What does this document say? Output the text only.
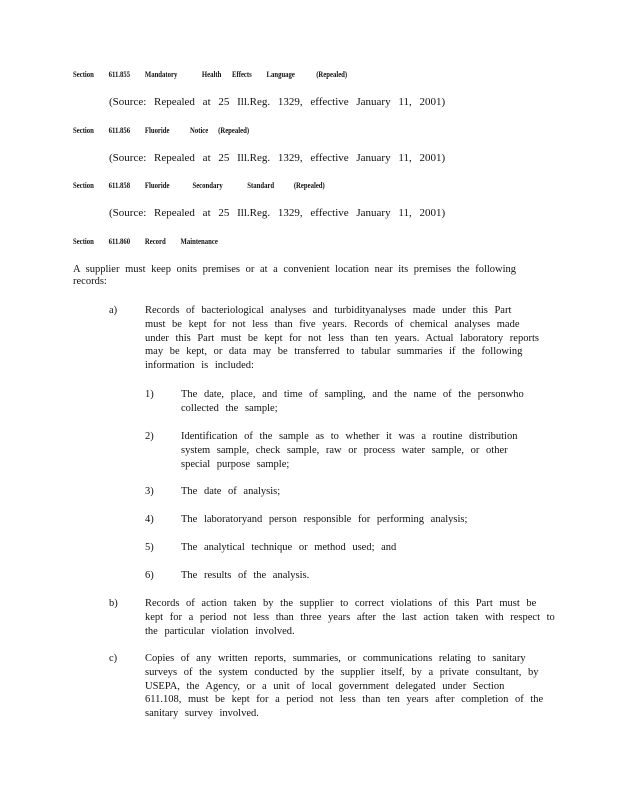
Section 611.855 Mandatory	Health Effects Language	(Repealed)
(Source: Repealed at 25 Ill.Reg. 1329, effective January 11, 2001)
Section 611.856 Fluoride	Notice (Repealed)
(Source: Repealed at 25 Ill.Reg. 1329, effective January 11, 2001)
Section 611.858 Fluoride	Secondary	Standard (Repealed)
(Source: Repealed at 25 Ill.Reg. 1329, effective January 11, 2001)
Section 611.860 Record Maintenance
A supplier must keep onits premises or at a convenient location near its premises the following
records:
a)	Records of bacteriological analyses and turbidityanalyses made under this Part
must be kept for not less than five years. Records of chemical analyses made
under this Part must be kept for not less than ten years. Actual laboratory reports
may be kept, or data may be transferred to tabular summaries if the following
information is included:
1)	The date, place, and time of sampling, and the name of the personwho
collected the sample;
2)	Identification of the sample as to whether it was a routine distribution
system sample, check sample, raw or process water sample, or other
special purpose sample;
3)	The date of analysis;
4)	The laboratoryand person responsible for performing analysis;
5)	The analytical technique or method used; and
6)	The results of the analysis.
b)	Records of action taken by the supplier to correct violations of this Part must be
kept for a period not less than three years after the last action taken with respect to
the particular violation involved.
c)	Copies of any written reports, summaries, or communications relating to sanitary
surveys of the system conducted by the supplier itself, by a private consultant, by
USEPA, the Agency, or a unit of local government delegated under Section
611.108, must be kept for a period not less than ten years after completion of the
sanitary survey involved.
